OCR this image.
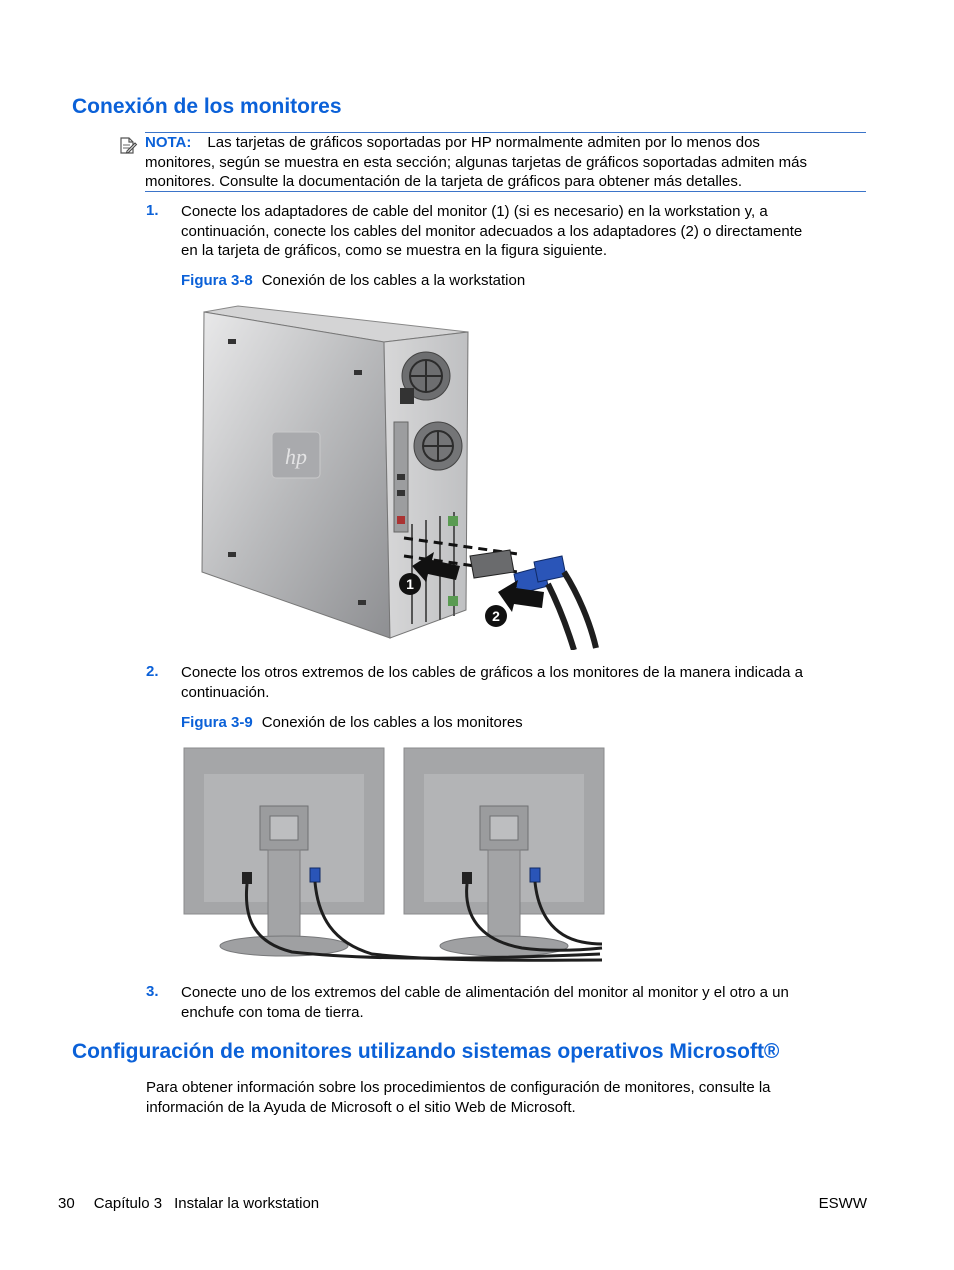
Conexión de los monitores
NOTA: Las tarjetas de gráficos soportadas por HP normalmente admiten por lo menos dos
monitores, según se muestra en esta sección; algunas tarjetas de gráficos soportadas admiten más
monitores. Consulte la documentación de la tarjeta de gráficos para obtener más detalles.
1. Conecte los adaptadores de cable del monitor (1) (si es necesario) en la workstation y, a
continuación, conecte los cables del monitor adecuados a los adaptadores (2) o directamente
en la tarjeta de gráficos, como se muestra en la figura siguiente.
Figura 3-8 Conexión de los cables a la workstation
hp
1
2
2. Conecte los otros extremos de los cables de gráficos a los monitores de la manera indicada a
continuación.
Figura 3-9 Conexión de los cables a los monitores
3. Conecte uno de los extremos del cable de alimentación del monitor al monitor y el otro a un
enchufe con toma de tierra.
Configuración de monitores utilizando sistemas operativos Microsoft®
Para obtener información sobre los procedimientos de configuración de monitores, consulte la
información de la Ayuda de Microsoft o el sitio Web de Microsoft.
30 Capítulo 3 Instalar la workstation	ESWW
